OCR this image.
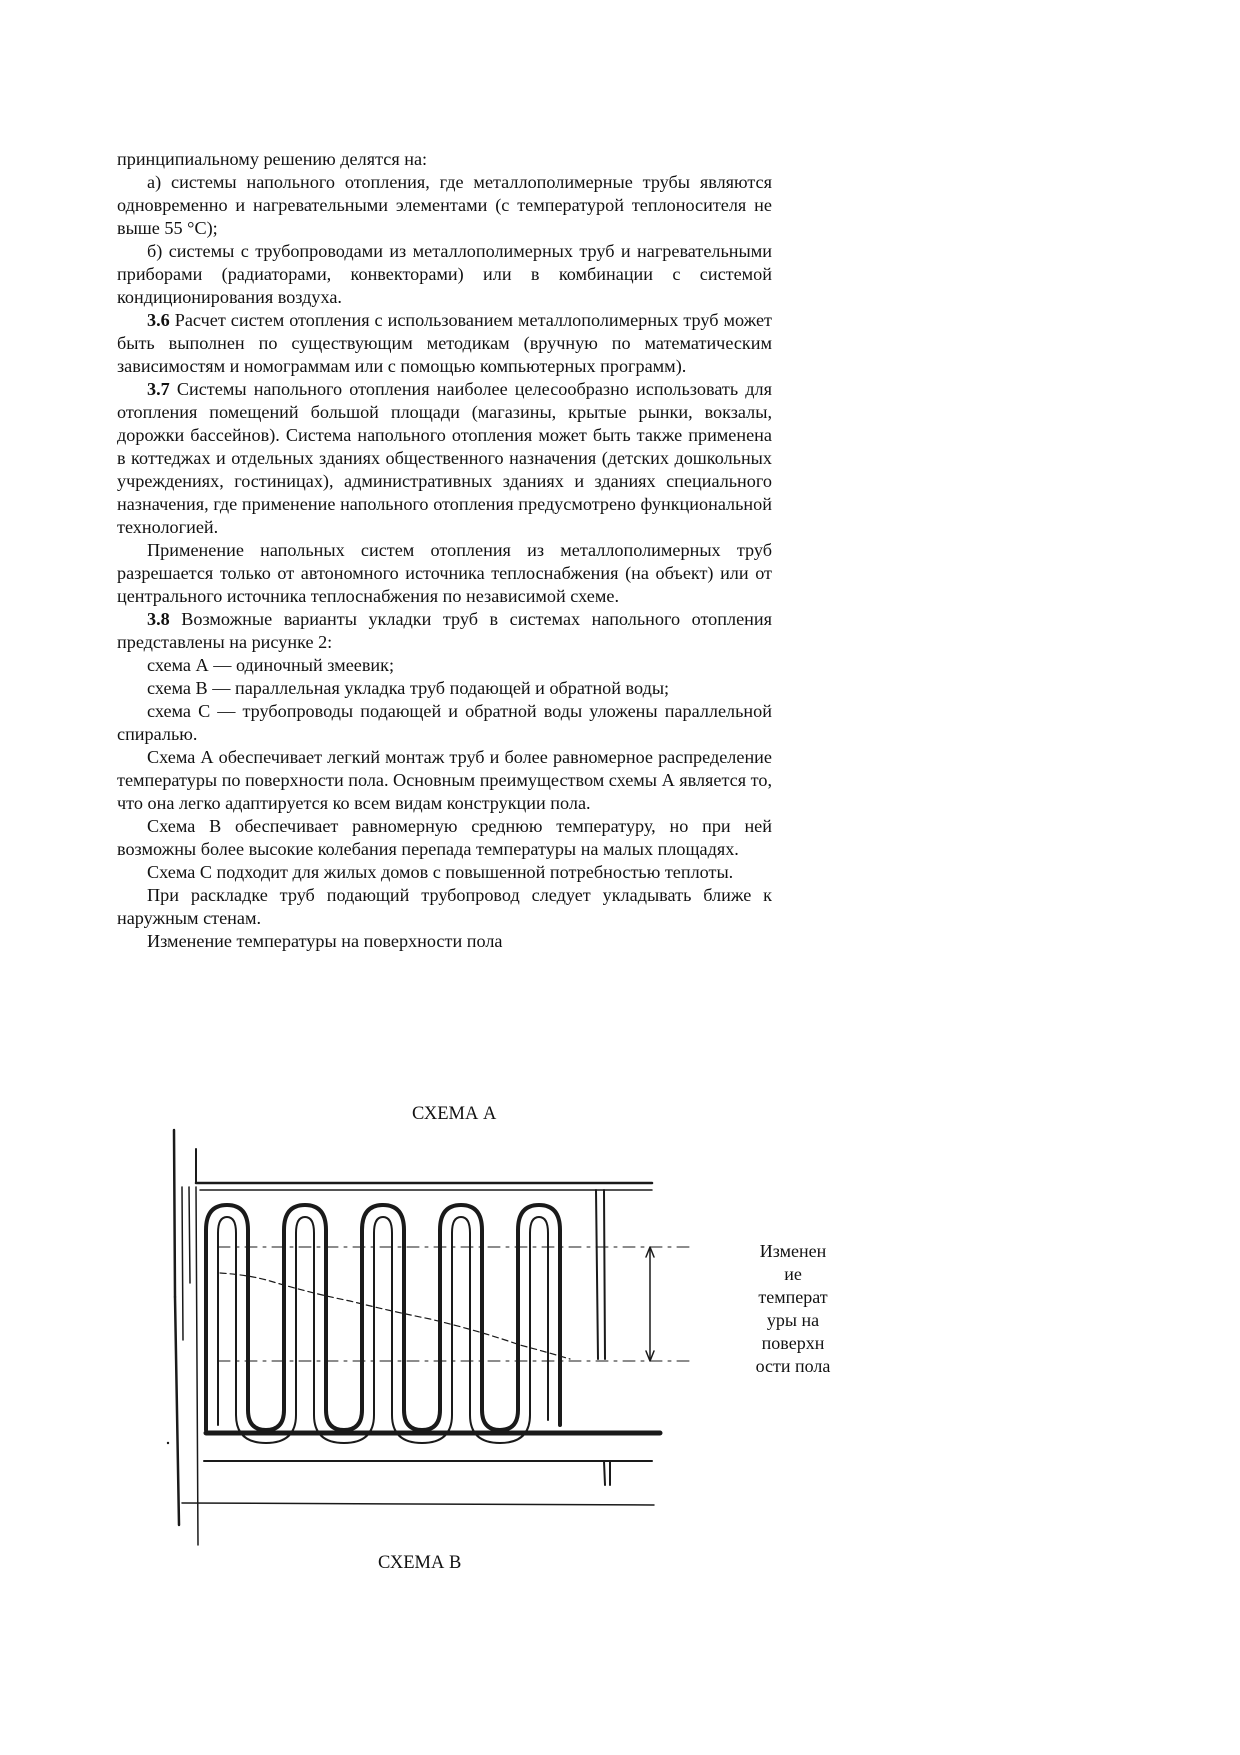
принципиальному решению делятся на:

а) системы напольного отопления, где металлополимерные трубы являются одновременно и нагревательными элементами (с температурой теплоносителя не выше 55 °С);

б) системы с трубопроводами из металлополимерных труб и нагревательными приборами (радиаторами, конвекторами) или в комбинации с системой кондиционирования воздуха.

3.6 Расчет систем отопления с использованием металлополимерных труб может быть выполнен по существующим методикам (вручную по математическим зависимостям и номограммам или с помощью компьютерных программ).

3.7 Системы напольного отопления наиболее целесообразно использовать для отопления помещений большой площади (магазины, крытые рынки, вокзалы, дорожки бассейнов). Система напольного отопления может быть также применена в коттеджах и отдельных зданиях общественного назначения (детских дошкольных учреждениях, гостиницах), административных зданиях и зданиях специального назначения, где применение напольного отопления предусмотрено функциональной технологией.

Применение напольных систем отопления из металлополимерных труб разрешается только от автономного источника теплоснабжения (на объект) или от центрального источника теплоснабжения по независимой схеме.

3.8 Возможные варианты укладки труб в системах напольного отопления представлены на рисунке 2:

схема А — одиночный змеевик;

схема В — параллельная укладка труб подающей и обратной воды;

схема С — трубопроводы подающей и обратной воды уложены параллельной спиралью.

Схема А обеспечивает легкий монтаж труб и более равномерное распределение температуры по поверхности пола. Основным преимуществом схемы А является то, что она легко адаптируется ко всем видам конструкции пола.

Схема В обеспечивает равномерную среднюю температуру, но при ней возможны более высокие колебания перепада температуры на малых площадях.

Схема С подходит для жилых домов с повышенной потребностью теплоты.

При раскладке труб подающий трубопровод следует укладывать ближе к наружным стенам.

Изменение температуры на поверхности пола

СХЕМА А
Изменен ие температ уры на поверхн ости пола
СХЕМА В
